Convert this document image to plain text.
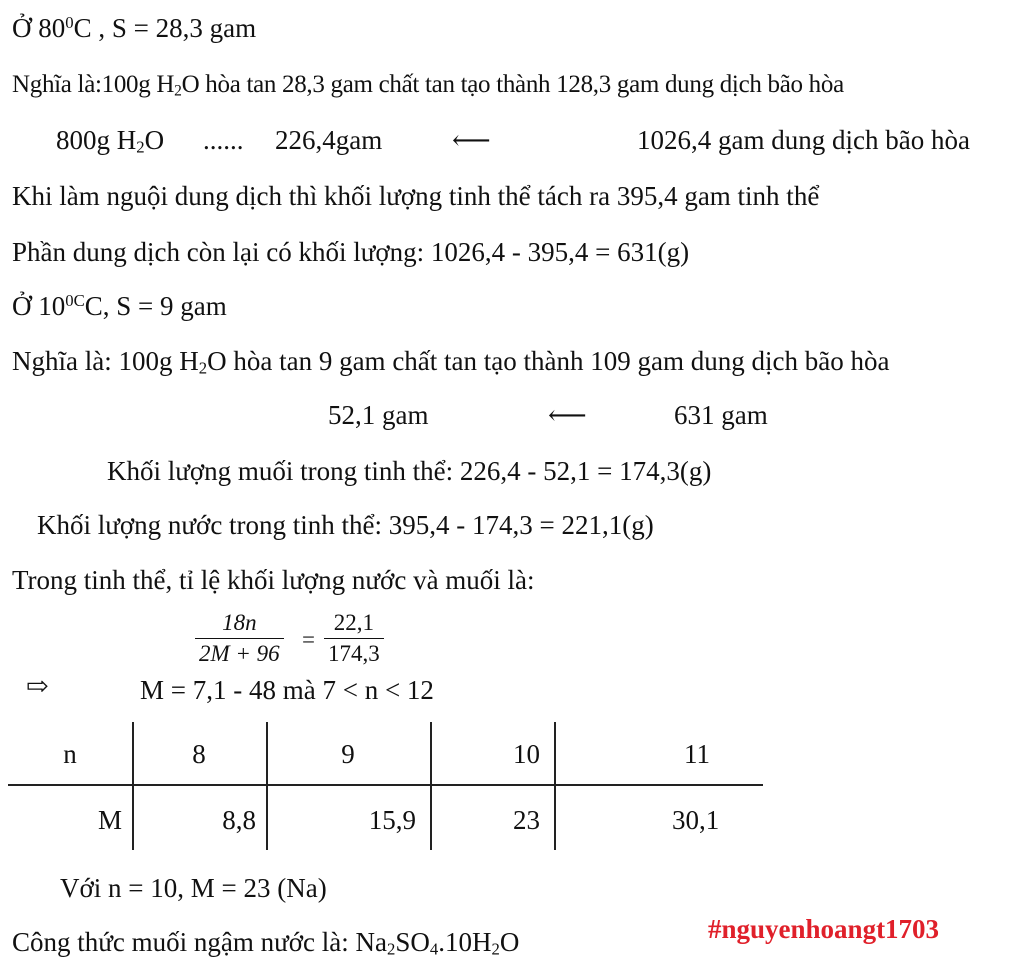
Ở $80^0C$ , S = 28,3 gam
Nghĩa là:100g $H_2O$ hòa tan 28,3 gam chất tan tạo thành 128,3 gam dung dịch bão hòa
800g $H_2O$ ...... 226,4gam	⟵	1026,4 gam dung dịch bão hòa
Khi làm nguội dung dịch thì khối lượng tinh thể tách ra 395,4 gam tinh thể
Phần dung dịch còn lại có khối lượng: 1026,4 - 395,4 = 631(g)
Ở $10^{0C}C$, S = 9 gam
Nghĩa là: 100g $H_2O$ hòa tan 9 gam chất tan tạo thành 109 gam dung dịch bão hòa
52,1 gam	⟵	631 gam
Khối lượng muối trong tinh thể: 226,4 - 52,1 = 174,3(g)
Khối lượng nước trong tinh thể: 395,4 - 174,3 = 221,1(g)
Trong tinh thể, tỉ lệ khối lượng nước và muối là:
$\frac{18n}{2M + 96} = \frac{22,1}{174,3}$
⇨	M = 7,1 - 48 mà 7 < n < 12
n	8	9	10	11
M	8,8	15,9	23	30,1
Với n = 10, M = 23 (Na)
Công thức muối ngậm nước là: $Na_2SO_4.10H_2O$	#nguyenhoangt1703
